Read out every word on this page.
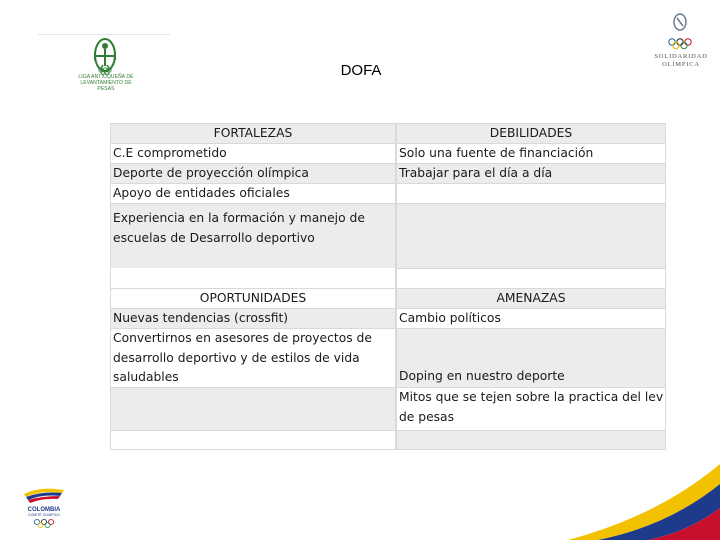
LIGA ANTIOQUEÑA DE LEVANTAMIENTO DE PESAS
SOLIDARIDAD
OLÍMPICA
DOFA
FORTALEZAS
C.E comprometido
Deporte de proyección olímpica
Apoyo de entidades oficiales
Experiencia en la formación y manejo de escuelas de Desarrollo deportivo
OPORTUNIDADES
Nuevas tendencias (crossfit)
Convertirnos en asesores de proyectos de desarrollo deportivo y de estilos de vida saludables
DEBILIDADES
Solo una fuente de financiación
Trabajar para el día a día
AMENAZAS
Cambio políticos
Doping en nuestro deporte
Mitos que se tejen sobre la practica del lev de pesas
COLOMBIA
COMITÉ OLÍMPICO
